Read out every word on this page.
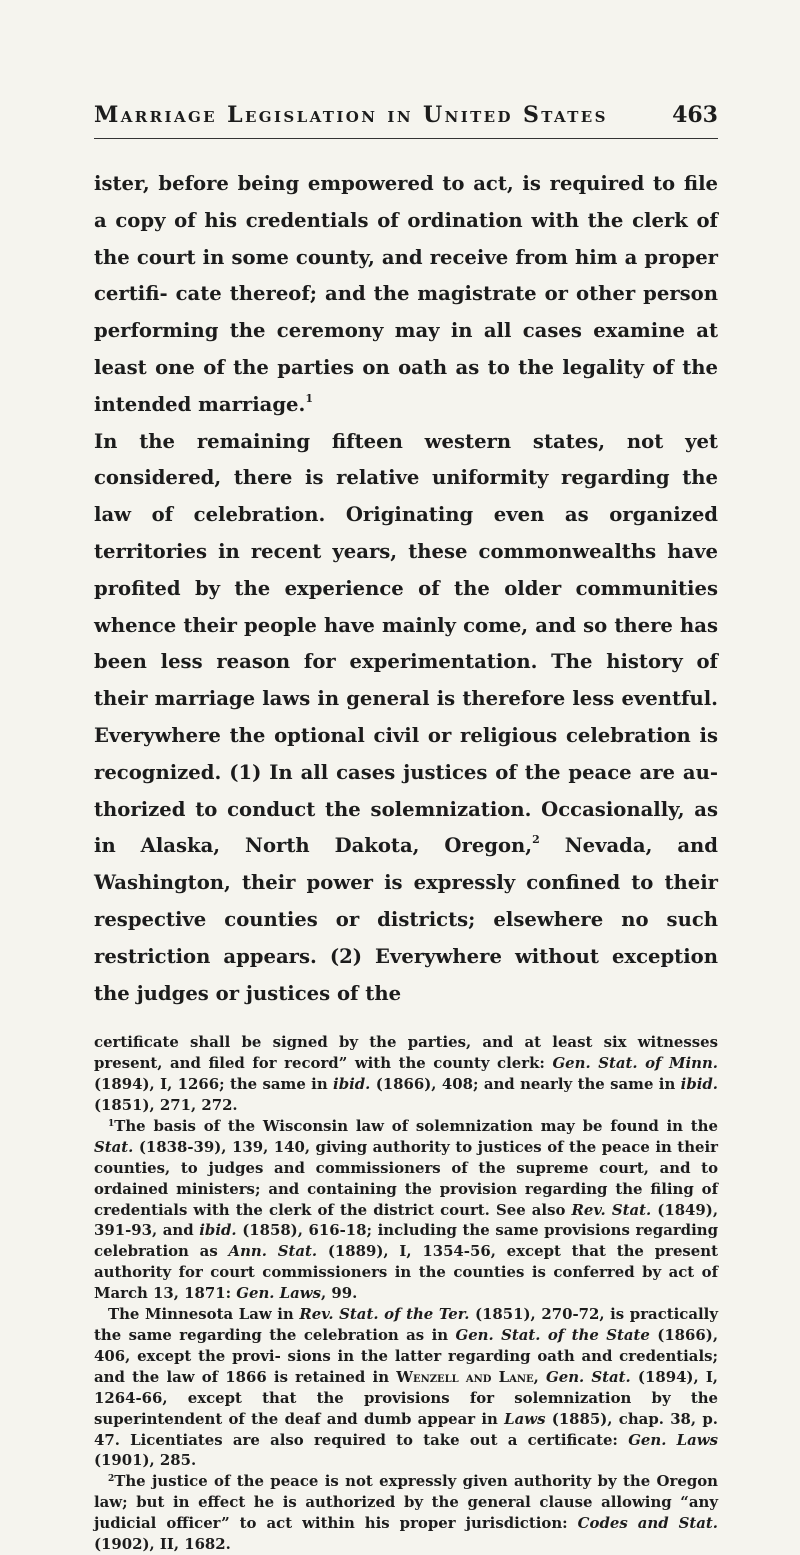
Marriage Legislation in United States	463

ister, before being empowered to act, is required to file a copy of his credentials of ordination with the clerk of the court in some county, and receive from him a proper certifi- cate thereof; and the magistrate or other person performing the ceremony may in all cases examine at least one of the parties on oath as to the legality of the intended marriage.$^1$

In the remaining fifteen western states, not yet considered, there is relative uniformity regarding the law of celebration. Originating even as organized territories in recent years, these commonwealths have profited by the experience of the older communities whence their people have mainly come, and so there has been less reason for experimentation. The history of their marriage laws in general is therefore less eventful. Everywhere the optional civil or religious celebration is recognized. (1) In all cases justices of the peace are au- thorized to conduct the solemnization. Occasionally, as in Alaska, North Dakota, Oregon,$^2$ Nevada, and Washington, their power is expressly confined to their respective counties or districts; elsewhere no such restriction appears. (2) Everywhere without exception the judges or justices of the

certificate shall be signed by the parties, and at least six witnesses present, and filed for record” with the county clerk: Gen. Stat. of Minn. (1894), I, 1266; the same in ibid. (1866), 408; and nearly the same in ibid. (1851), 271, 272.

$^1$The basis of the Wisconsin law of solemnization may be found in the Stat. (1838-39), 139, 140, giving authority to justices of the peace in their counties, to judges and commissioners of the supreme court, and to ordained ministers; and containing the provision regarding the filing of credentials with the clerk of the district court. See also Rev. Stat. (1849), 391-93, and ibid. (1858), 616-18; including the same provisions regarding celebration as Ann. Stat. (1889), I, 1354-56, except that the present authority for court commissioners in the counties is conferred by act of March 13, 1871: Gen. Laws, 99.

The Minnesota Law in Rev. Stat. of the Ter. (1851), 270-72, is practically the same regarding the celebration as in Gen. Stat. of the State (1866), 406, except the provi- sions in the latter regarding oath and credentials; and the law of 1866 is retained in Wenzell and Lane, Gen. Stat. (1894), I, 1264-66, except that the provisions for solemnization by the superintendent of the deaf and dumb appear in Laws (1885), chap. 38, p. 47. Licentiates are also required to take out a certificate: Gen. Laws (1901), 285.

$^2$The justice of the peace is not expressly given authority by the Oregon law; but in effect he is authorized by the general clause allowing “any judicial officer” to act within his proper jurisdiction: Codes and Stat. (1902), II, 1682.
